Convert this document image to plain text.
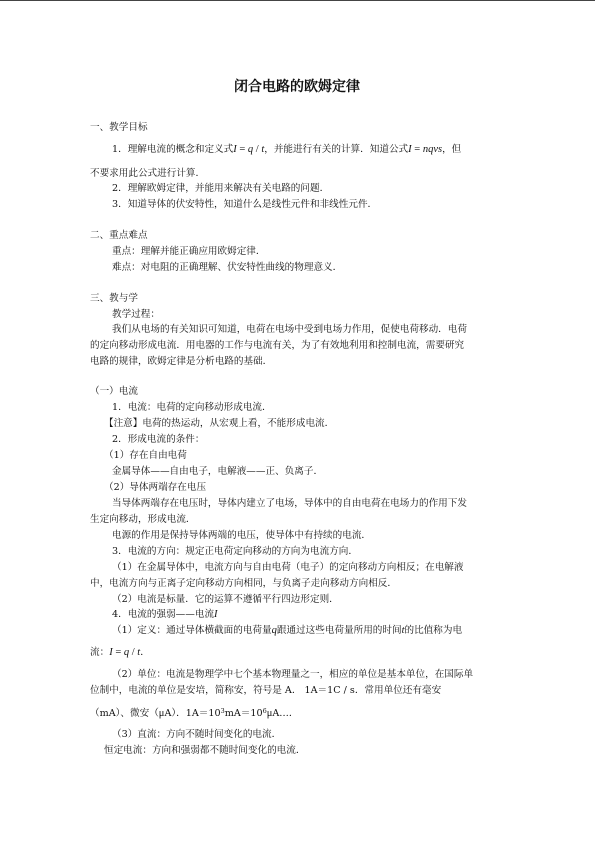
闭合电路的欧姆定律
一、教学目标
1．理解电流的概念和定义式I = q / t，并能进行有关的计算．知道公式I = nqvs，但
不要求用此公式进行计算．
2．理解欧姆定律，并能用来解决有关电路的问题．
3．知道导体的伏安特性，知道什么是线性元件和非线性元件．
二、重点难点
重点：理解并能正确应用欧姆定律．
难点：对电阻的正确理解、伏安特性曲线的物理意义．
三、教与学
教学过程：
我们从电场的有关知识可知道，电荷在电场中受到电场力作用，促使电荷移动．电荷
的定向移动形成电流．用电器的工作与电流有关，为了有效地利用和控制电流，需要研究
电路的规律，欧姆定律是分析电路的基础．
（一）电流
1．电流：电荷的定向移动形成电流．
【注意】电荷的热运动，从宏观上看，不能形成电流．
2．形成电流的条件：
（1）存在自由电荷
金属导体——自由电子，电解液——正、负离子．
（2）导体两端存在电压
当导体两端存在电压时，导体内建立了电场，导体中的自由电荷在电场力的作用下发
生定向移动，形成电流．
电源的作用是保持导体两端的电压，使导体中有持续的电流．
3．电流的方向：规定正电荷定向移动的方向为电流方向．
（1）在金属导体中，电流方向与自由电荷（电子）的定向移动方向相反；在电解液
中，电流方向与正离子定向移动方向相同，与负离子走向移动方向相反．
（2）电流是标量．它的运算不遵循平行四边形定则．
4．电流的强弱——电流I
（1）定义：通过导体横截面的电荷量q跟通过这些电荷量所用的时间t的比值称为电
流：I = q / t．
（2）单位：电流是物理学中七个基本物理量之一，相应的单位是基本单位，在国际单
位制中，电流的单位是安培，简称安，符号是 A． 1A＝1C / s．常用单位还有毫安
（mA）、微安（μA）．$1A=10^3mA=10^6\mu A\dots$．
（3）直流：方向不随时间变化的电流．
恒定电流：方向和强弱都不随时间变化的电流．
